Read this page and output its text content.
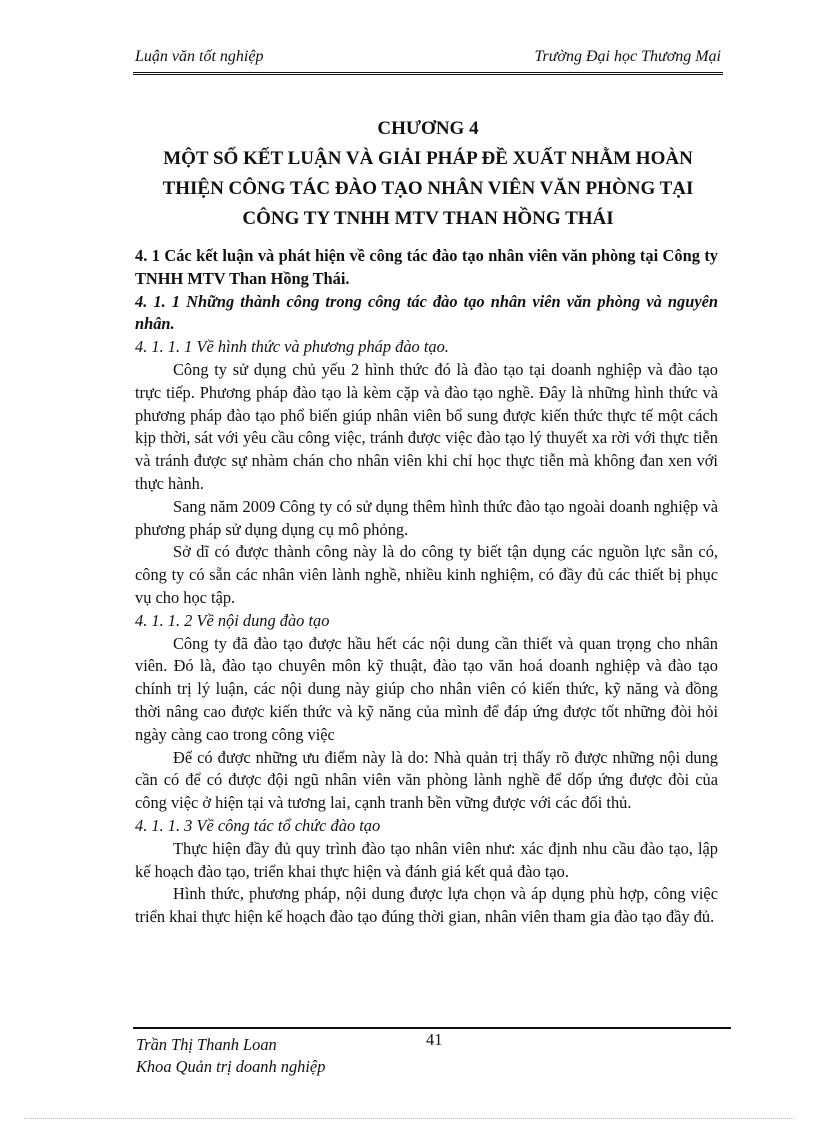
Luận văn tốt nghiệp	Trường Đại học Thương Mại
CHƯƠNG 4
MỘT SỐ KẾT LUẬN VÀ GIẢI PHÁP ĐỀ XUẤT NHẰM HOÀN
THIỆN CÔNG TÁC ĐÀO TẠO NHÂN VIÊN VĂN PHÒNG TẠI
CÔNG TY TNHH MTV THAN HỒNG THÁI

4. 1 Các kết luận và phát hiện về công tác đào tạo nhân viên văn phòng tại Công ty TNHH MTV Than Hồng Thái.

4. 1. 1 Những thành công trong công tác đào tạo nhân viên văn phòng và nguyên nhân.

4. 1. 1. 1 Về hình thức và phương pháp đào tạo.

Công ty sử dụng chủ yếu 2 hình thức đó là đào tạo tại doanh nghiệp và đào tạo trực tiếp. Phương pháp đào tạo là kèm cặp và đào tạo nghề. Đây là những hình thức và phương pháp đào tạo phổ biến giúp nhân viên bổ sung được kiến thức thực tế một cách kịp thời, sát với yêu cầu công việc, tránh được việc đào tạo lý thuyết xa rời với thực tiễn và tránh được sự nhàm chán cho nhân viên khi chỉ học thực tiễn mà không đan xen với thực hành.

Sang năm 2009 Công ty có sử dụng thêm hình thức đào tạo ngoài doanh nghiệp và phương pháp sử dụng dụng cụ mô phỏng.

Sở dĩ có được thành công này là do công ty biết tận dụng các nguồn lực sẵn có, công ty có sẵn các nhân viên lành nghề, nhiều kinh nghiệm, có đầy đủ các thiết bị phục vụ cho học tập.

4. 1. 1. 2 Về nội dung đào tạo

Công ty đã đào tạo được hầu hết các nội dung cần thiết và quan trọng cho nhân viên. Đó là, đào tạo chuyên môn kỹ thuật, đào tạo văn hoá doanh nghiệp và đào tạo chính trị lý luận, các nội dung này giúp cho nhân viên có kiến thức, kỹ năng và đồng thời nâng cao được kiến thức và kỹ năng của mình để đáp ứng được tốt những đòi hỏi ngày càng cao trong công việc

Để có được những ưu điểm này là do: Nhà quản trị thấy rõ được những nội dung cần có để có được đội ngũ nhân viên văn phòng lành nghề để dốp ứng được đòi của công việc ở hiện tại và tương lai, cạnh tranh bền vững được với các đối thủ.

4. 1. 1. 3 Về công tác tổ chức đào tạo

Thực hiện đầy đủ quy trình đào tạo nhân viên như: xác định nhu cầu đào tạo, lập kế hoạch đào tạo, triển khai thực hiện và đánh giá kết quả đào tạo.

Hình thức, phương pháp, nội dung được lựa chọn và áp dụng phù hợp, công việc triển khai thực hiện kế hoạch đào tạo đúng thời gian, nhân viên tham gia đào tạo đầy đủ.

41
Trần Thị Thanh Loan
Khoa Quản trị doanh nghiệp
